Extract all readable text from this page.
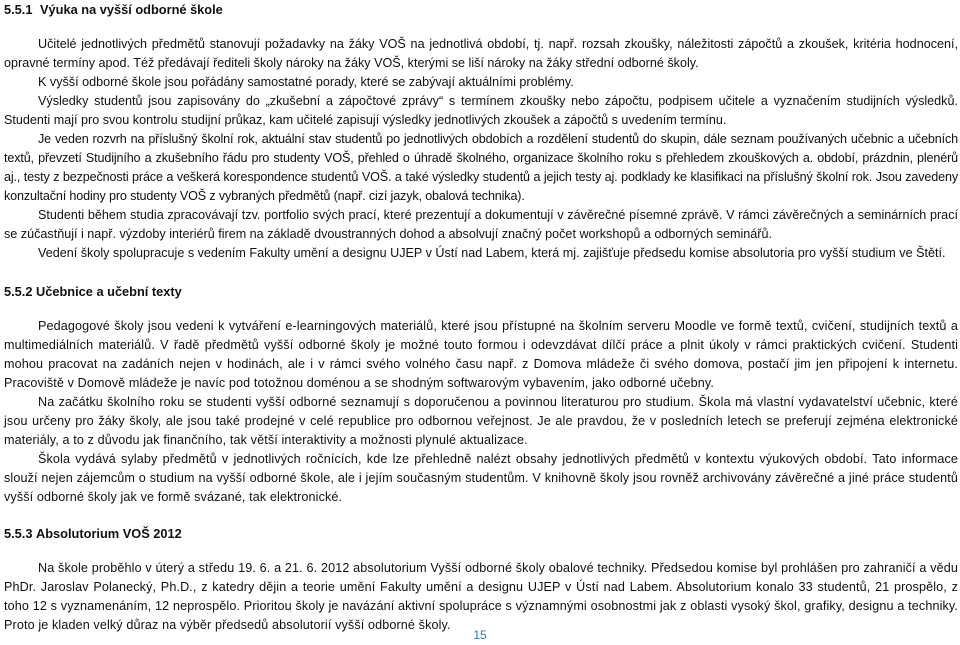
5.5.1 Výuka na vyšší odborné škole

Učitelé jednotlivých předmětů stanovují požadavky na žáky VOŠ na jednotlivá období, tj. např. rozsah zkoušky, náležitosti zápočtů a zkoušek, kritéria hodnocení, opravné termíny apod. Též předávají řediteli školy nároky na žáky VOŠ, kterými se liší nároky na žáky střední odborné školy.

K vyšší odborné škole jsou pořádány samostatné porady, které se zabývají aktuálními problémy.

Výsledky studentů jsou zapisovány do „zkušební a zápočtové zprávy“ s termínem zkoušky nebo zápočtu, podpisem učitele a vyznačením studijních výsledků. Studenti mají pro svou kontrolu studijní průkaz, kam učitelé zapisují výsledky jednotlivých zkoušek a zápočtů s uvedením termínu.

Je veden rozvrh na příslušný školní rok, aktuální stav studentů po jednotlivých obdobích a rozdělení studentů do skupin, dále seznam používaných učebnic a učebních textů, převzetí Studijního a zkušebního řádu pro studenty VOŠ, přehled o úhradě školného, organizace školního roku s přehledem zkouškových a. období, prázdnin, plenérů aj., testy z bezpečnosti práce a veškerá korespondence studentů VOŠ. a také výsledky studentů a jejich testy aj. podklady ke klasifikaci na příslušný školní rok. Jsou zavedeny konzultační hodiny pro studenty VOŠ z vybraných předmětů (např. cizí jazyk, obalová technika).

Studenti během studia zpracovávají tzv. portfolio svých prací, které prezentují a dokumentují v závěrečné písemné zprávě. V rámci závěrečných a seminárních prací se zúčastňují i např. výzdoby interiérů firem na základě dvoustranných dohod a absolvují značný počet workshopů a odborných seminářů.

Vedení školy spolupracuje s vedením Fakulty umění a designu UJEP v Ústí nad Labem, která mj. zajišťuje předsedu komise absolutoria pro vyšší studium ve Štětí.

5.5.2 Učebnice a učební texty

Pedagogové školy jsou vedeni k vytváření e-learningových materiálů, které jsou přístupné na školním serveru Moodle ve formě textů, cvičení, studijních textů a multimediálních materiálů. V řadě předmětů vyšší odborné školy je možné touto formou i odevzdávat dílčí práce a plnit úkoly v rámci praktických cvičení. Studenti mohou pracovat na zadáních nejen v hodinách, ale i v rámci svého volného času např. z Domova mládeže či svého domova, postačí jim jen připojení k internetu. Pracoviště v Domově mládeže je navíc pod totožnou doménou a se shodným softwarovým vybavením, jako odborné učebny.

Na začátku školního roku se studenti vyšší odborné seznamují s doporučenou a povinnou literaturou pro studium. Škola má vlastní vydavatelství učebnic, které jsou určeny pro žáky školy, ale jsou také prodejné v celé republice pro odbornou veřejnost. Je ale pravdou, že v posledních letech se preferují zejména elektronické materiály, a to z důvodu jak finančního, tak větší interaktivity a možnosti plynulé aktualizace.

Škola vydává sylaby předmětů v jednotlivých ročnících, kde lze přehledně nalézt obsahy jednotlivých předmětů v kontextu výukových období. Tato informace slouží nejen zájemcům o studium na vyšší odborné škole, ale i jejím současným studentům. V knihovně školy jsou rovněž archivovány závěrečné a jiné práce studentů vyšší odborné školy jak ve formě svázané, tak elektronické.

5.5.3 Absolutorium VOŠ 2012

Na škole proběhlo v úterý a středu 19. 6. a 21. 6. 2012 absolutorium Vyšší odborné školy obalové techniky. Předsedou komise byl prohlášen pro zahraničí a vědu PhDr. Jaroslav Polanecký, Ph.D., z katedry dějin a teorie umění Fakulty umění a designu UJEP v Ústí nad Labem. Absolutorium konalo 33 studentů, 21 prospělo, z toho 12 s vyznamenáním, 12 neprospělo. Prioritou školy je navázání aktivní spolupráce s významnými osobnostmi jak z oblasti vysoký škol, grafiky, designu a techniky. Proto je kladen velký důraz na výběr předsedů absolutorií vyšší odborné školy.

15
